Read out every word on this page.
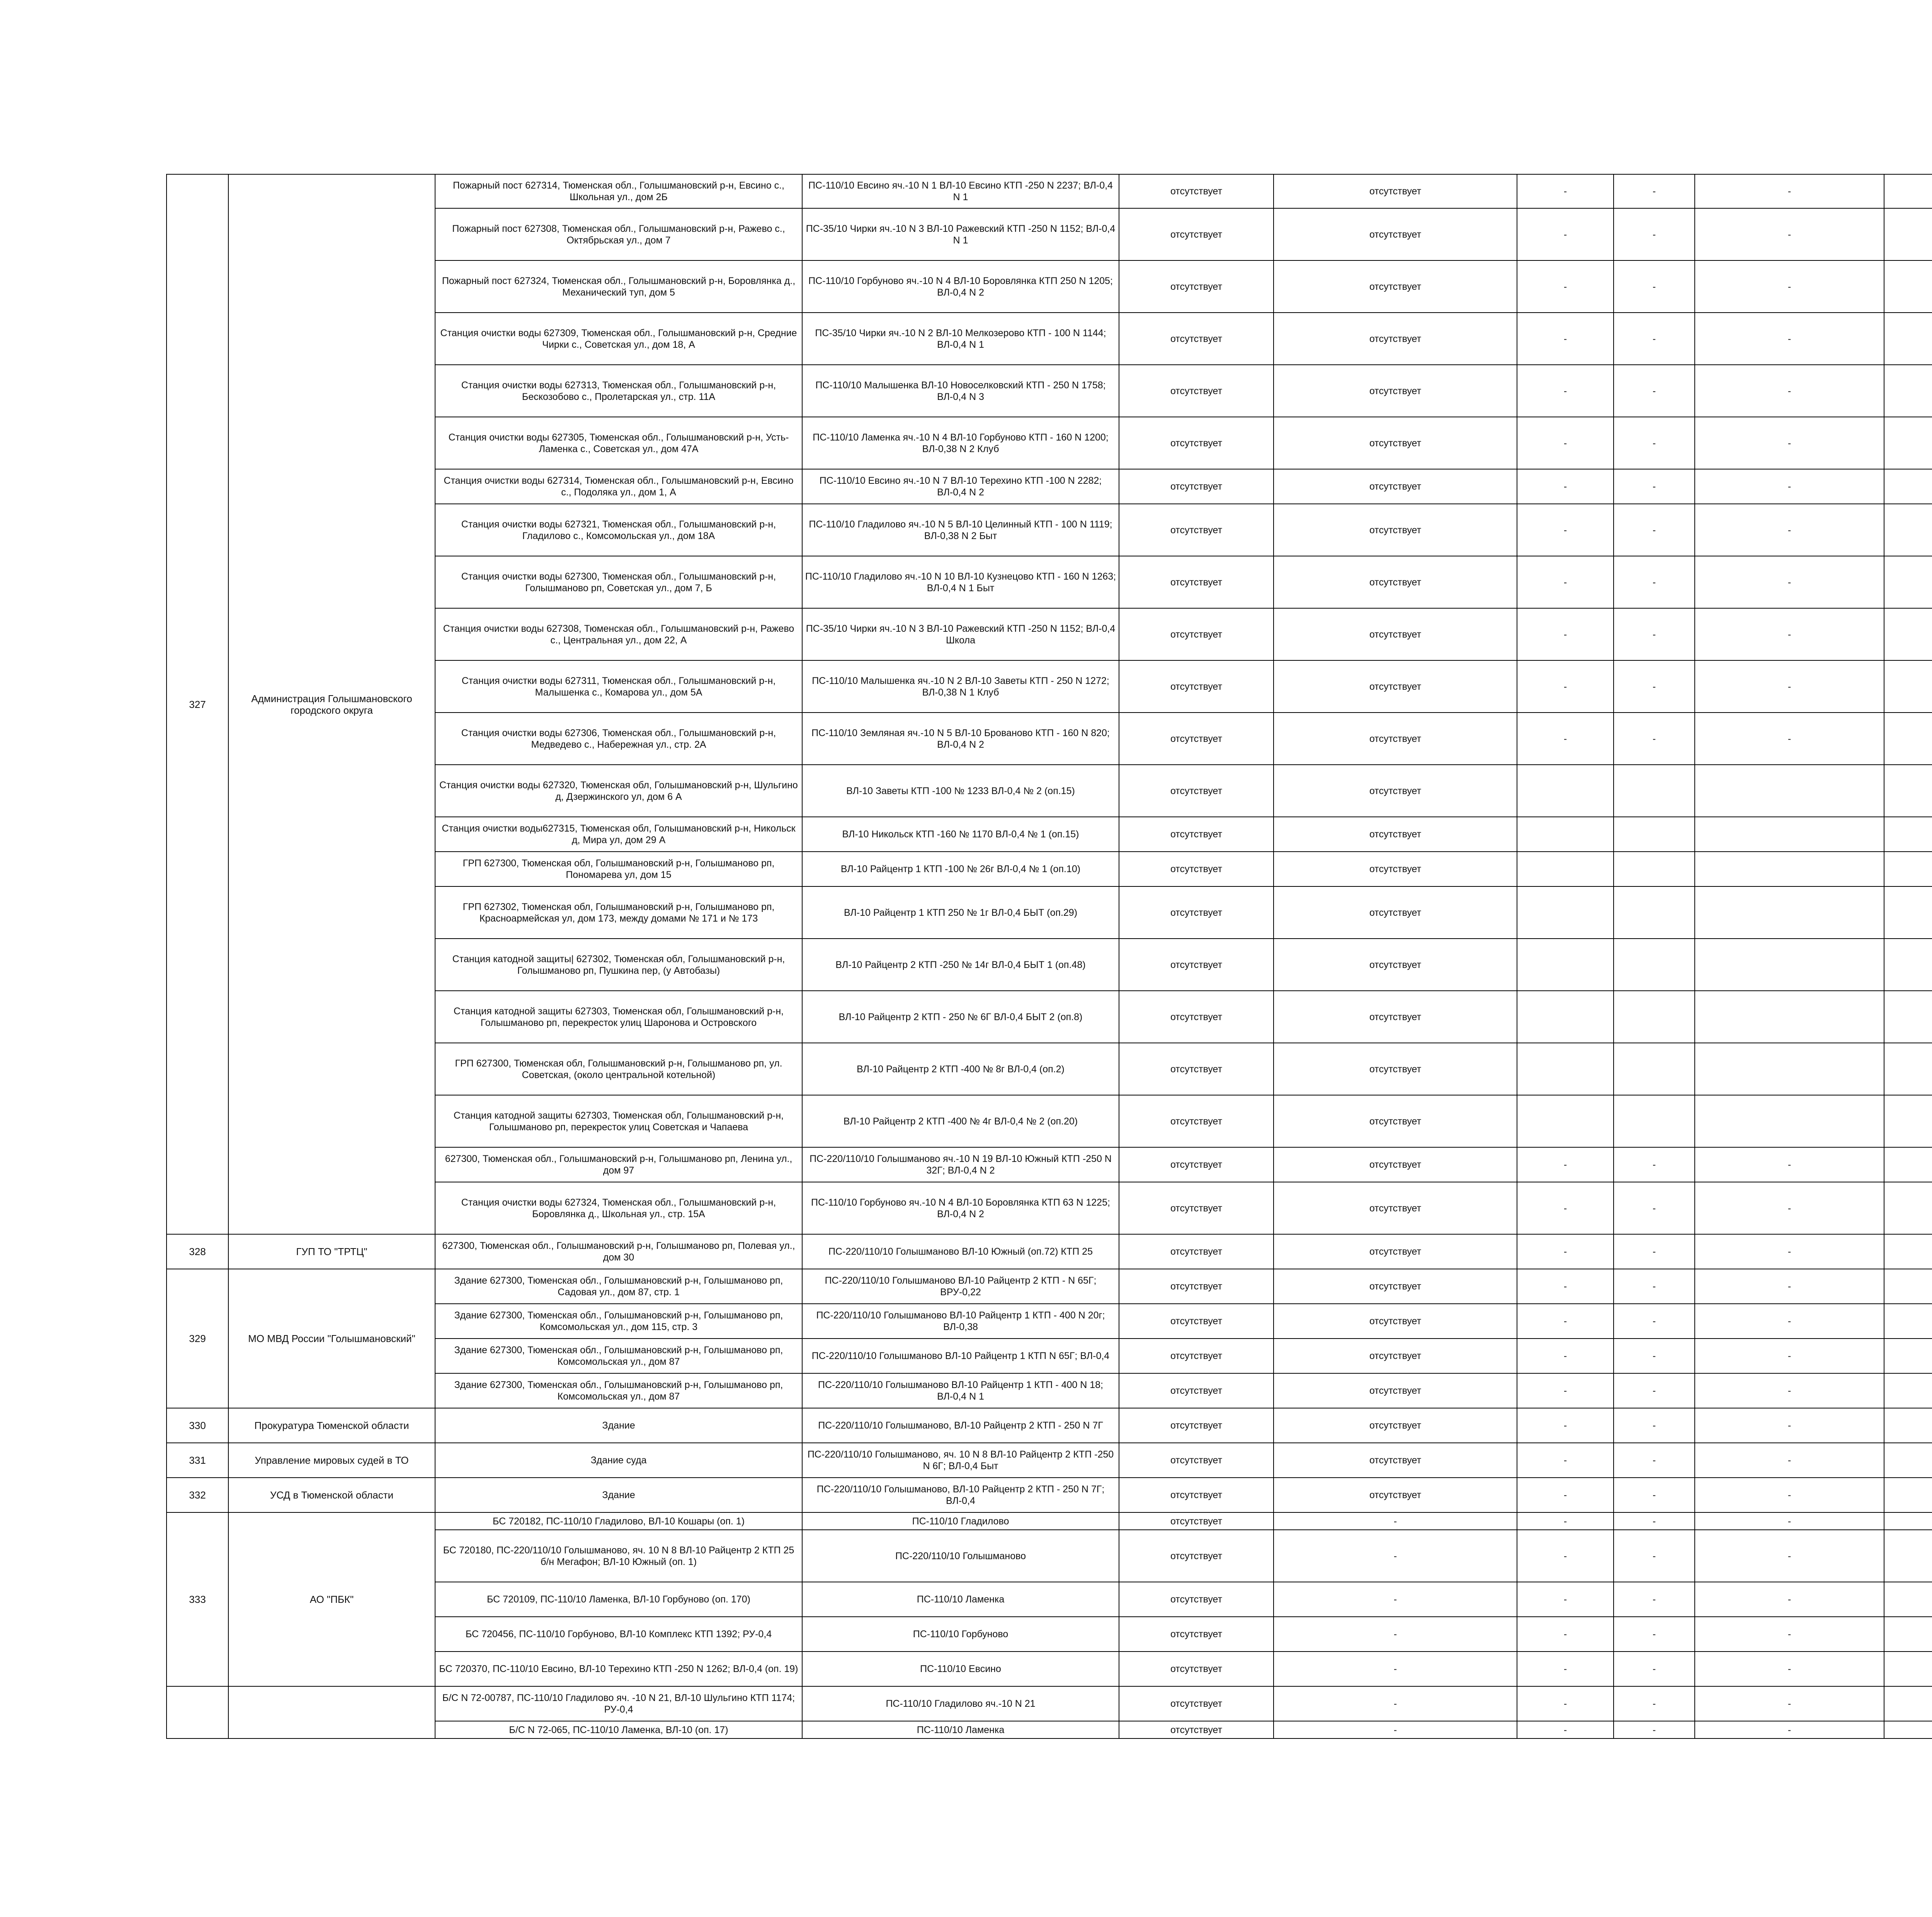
327	Администрация Голышмановского городского округа	Пожарный пост 627314, Тюменская обл., Голышмановский р-н, Евсино с., Школьная ул., дом 2Б	ПС-110/10 Евсино яч.-10 N 1 ВЛ-10 Евсино КТП -250 N 2237; ВЛ-0,4 N 1	отсутствует	отсутствует	-	-	-		
		Пожарный пост 627308, Тюменская обл., Голышмановский р-н, Ражево с., Октябрьская ул., дом 7	ПС-35/10 Чирки яч.-10 N 3 ВЛ-10 Ражевский КТП -250 N 1152; ВЛ-0,4 N 1	отсутствует	отсутствует	-	-	-		
		Пожарный пост 627324, Тюменская обл., Голышмановский р-н, Боровлянка д., Механический туп, дом 5	ПС-110/10 Горбуново яч.-10 N 4 ВЛ-10 Боровлянка КТП 250 N 1205; ВЛ-0,4 N 2	отсутствует	отсутствует	-	-	-		
		Станция очистки воды 627309, Тюменская обл., Голышмановский р-н, Средние Чирки с., Советская ул., дом 18, А	ПС-35/10 Чирки яч.-10 N 2 ВЛ-10 Мелкозерово КТП - 100 N 1144; ВЛ-0,4 N 1	отсутствует	отсутствует	-	-	-		
		Станция очистки воды 627313, Тюменская обл., Голышмановский р-н, Бескозобово с., Пролетарская ул., стр. 11А	ПС-110/10 Малышенка ВЛ-10 Новоселковский КТП - 250 N 1758; ВЛ-0,4 N 3	отсутствует	отсутствует	-	-	-		
		Станция очистки воды 627305, Тюменская обл., Голышмановский р-н, Усть-Ламенка с., Советская ул., дом 47А	ПС-110/10 Ламенка яч.-10 N 4 ВЛ-10 Горбуново КТП - 160 N 1200; ВЛ-0,38 N 2 Клуб	отсутствует	отсутствует	-	-	-		
		Станция очистки воды 627314, Тюменская обл., Голышмановский р-н, Евсино с., Подоляка ул., дом 1, А	ПС-110/10 Евсино яч.-10 N 7 ВЛ-10 Терехино КТП -100 N 2282; ВЛ-0,4 N 2	отсутствует	отсутствует	-	-	-		
		Станция очистки воды 627321, Тюменская обл., Голышмановский р-н, Гладилово с., Комсомольская ул., дом 18А	ПС-110/10 Гладилово яч.-10 N 5 ВЛ-10 Целинный КТП - 100 N 1119; ВЛ-0,38 N 2 Быт	отсутствует	отсутствует	-	-	-		
		Станция очистки воды 627300, Тюменская обл., Голышмановский р-н, Голышманово рп, Советская ул., дом 7, Б	ПС-110/10 Гладилово яч.-10 N 10 ВЛ-10 Кузнецово КТП - 160 N 1263; ВЛ-0,4 N 1 Быт	отсутствует	отсутствует	-	-	-		
		Станция очистки воды 627308, Тюменская обл., Голышмановский р-н, Ражево с., Центральная ул., дом 22, А	ПС-35/10 Чирки яч.-10 N 3 ВЛ-10 Ражевский КТП -250 N 1152; ВЛ-0,4 Школа	отсутствует	отсутствует	-	-	-		
		Станция очистки воды 627311, Тюменская обл., Голышмановский р-н, Малышенка с., Комарова ул., дом 5А	ПС-110/10 Малышенка яч.-10 N 2 ВЛ-10 Заветы КТП - 250 N 1272; ВЛ-0,38 N 1 Клуб	отсутствует	отсутствует	-	-	-		
		Станция очистки воды 627306, Тюменская обл., Голышмановский р-н, Медведево с., Набережная ул., стр. 2А	ПС-110/10 Земляная яч.-10 N 5 ВЛ-10 Брованово КТП - 160 N 820; ВЛ-0,4 N 2	отсутствует	отсутствует	-	-	-		
		Станция очистки воды 627320, Тюменская обл, Голышмановский р-н, Шульгино д, Дзержинского ул, дом 6 А	ВЛ-10 Заветы КТП -100 № 1233 ВЛ-0,4 № 2 (оп.15)	отсутствует	отсутствует					
		Станция очистки воды627315, Тюменская обл, Голышмановский р-н, Никольск д, Мира ул, дом 29 А	ВЛ-10 Никольск КТП -160 № 1170 ВЛ-0,4 № 1 (оп.15)	отсутствует	отсутствует					
		ГРП 627300, Тюменская обл, Голышмановский р-н, Голышманово рп, Пономарева ул, дом 15	ВЛ-10 Райцентр 1 КТП -100 № 26г ВЛ-0,4 № 1 (оп.10)	отсутствует	отсутствует					
		ГРП 627302, Тюменская обл, Голышмановский р-н, Голышманово рп, Красноармейская ул, дом 173, между домами № 171 и № 173	ВЛ-10 Райцентр 1 КТП 250 № 1г ВЛ-0,4 БЫТ (оп.29)	отсутствует	отсутствует					
		Станция катодной защиты| 627302, Тюменская обл, Голышмановский р-н, Голышманово рп, Пушкина пер, (у Автобазы)	ВЛ-10 Райцентр 2 КТП -250 № 14г ВЛ-0,4 БЫТ 1 (оп.48)	отсутствует	отсутствует					
		Станция катодной защиты 627303, Тюменская обл, Голышмановский р-н, Голышманово рп, перекресток улиц Шаронова и Островского	ВЛ-10 Райцентр 2 КТП - 250 № 6Г ВЛ-0,4 БЫТ 2 (оп.8)	отсутствует	отсутствует					
		ГРП 627300, Тюменская обл, Голышмановский р-н, Голышманово рп, ул. Советская, (около центральной котельной)	ВЛ-10 Райцентр 2 КТП -400 № 8г ВЛ-0,4 (оп.2)	отсутствует	отсутствует					
		Станция катодной защиты 627303, Тюменская обл, Голышмановский р-н, Голышманово рп, перекресток улиц Советская и Чапаева	ВЛ-10 Райцентр 2 КТП -400 № 4г ВЛ-0,4 № 2 (оп.20)	отсутствует	отсутствует					
		627300, Тюменская обл., Голышмановский р-н, Голышманово рп, Ленина ул., дом 97	ПС-220/110/10 Голышманово яч.-10 N 19 ВЛ-10 Южный КТП -250 N 32Г; ВЛ-0,4 N 2	отсутствует	отсутствует	-	-	-		
		Станция очистки воды 627324, Тюменская обл., Голышмановский р-н, Боровлянка д., Школьная ул., стр. 15А	ПС-110/10 Горбуново яч.-10 N 4 ВЛ-10 Боровлянка КТП 63 N 1225; ВЛ-0,4 N 2	отсутствует	отсутствует	-	-	-		
328	ГУП ТО "ТРТЦ"	627300, Тюменская обл., Голышмановский р-н, Голышманово рп, Полевая ул., дом 30	ПС-220/110/10 Голышманово ВЛ-10 Южный (оп.72) КТП 25	отсутствует	отсутствует	-	-	-		
329	МО МВД России "Голышмановский"	Здание 627300, Тюменская обл., Голышмановский р-н, Голышманово рп, Садовая ул., дом 87, стр. 1	ПС-220/110/10 Голышманово ВЛ-10 Райцентр 2 КТП - N 65Г; ВРУ-0,22	отсутствует	отсутствует	-	-	-		
		Здание 627300, Тюменская обл., Голышмановский р-н, Голышманово рп, Комсомольская ул., дом 115, стр. 3	ПС-220/110/10 Голышманово ВЛ-10 Райцентр 1 КТП - 400 N 20г; ВЛ-0,38	отсутствует	отсутствует	-	-	-		
		Здание 627300, Тюменская обл., Голышмановский р-н, Голышманово рп, Комсомольская ул., дом 87	ПС-220/110/10 Голышманово ВЛ-10 Райцентр 1 КТП N 65Г; ВЛ-0,4	отсутствует	отсутствует	-	-	-		
		Здание 627300, Тюменская обл., Голышмановский р-н, Голышманово рп, Комсомольская ул., дом 87	ПС-220/110/10 Голышманово ВЛ-10 Райцентр 1 КТП - 400 N 18; ВЛ-0,4 N 1	отсутствует	отсутствует	-	-	-		
330	Прокуратура Тюменской области	Здание	ПС-220/110/10 Голышманово, ВЛ-10 Райцентр 2 КТП - 250 N 7Г	отсутствует	отсутствует	-	-	-		
331	Управление мировых судей в ТО	Здание суда	ПС-220/110/10 Голышманово, яч. 10 N 8 ВЛ-10 Райцентр 2 КТП -250 N 6Г; ВЛ-0,4 Быт	отсутствует	отсутствует	-	-	-		
332	УСД в Тюменской области	Здание	ПС-220/110/10 Голышманово, ВЛ-10 Райцентр 2 КТП - 250 N 7Г; ВЛ-0,4	отсутствует	отсутствует	-	-	-		
333	АО "ПБК"	БС 720182, ПС-110/10 Гладилово, ВЛ-10 Кошары (оп. 1)	ПС-110/10 Гладилово	отсутствует	-	-	-	-		
		БС 720180, ПС-220/110/10 Голышманово, яч. 10 N 8 ВЛ-10 Райцентр 2 КТП 25 б/н Мегафон; ВЛ-10 Южный (оп. 1)	ПС-220/110/10 Голышманово	отсутствует	-	-	-	-		
		БС 720109, ПС-110/10 Ламенка, ВЛ-10 Горбуново (оп. 170)	ПС-110/10 Ламенка	отсутствует	-	-	-	-		
		БС 720456, ПС-110/10 Горбуново, ВЛ-10 Комплекс КТП 1392; РУ-0,4	ПС-110/10 Горбуново	отсутствует	-	-	-	-		
		БС 720370, ПС-110/10 Евсино, ВЛ-10 Терехино КТП -250 N 1262; ВЛ-0,4 (оп. 19)	ПС-110/10 Евсино	отсутствует	-	-	-	-		
		Б/С N 72-00787, ПС-110/10 Гладилово яч. -10 N 21, ВЛ-10 Шульгино КТП 1174; РУ-0,4	ПС-110/10 Гладилово яч.-10 N 21	отсутствует	-	-	-	-		
		Б/С N 72-065, ПС-110/10 Ламенка, ВЛ-10 (оп. 17)	ПС-110/10 Ламенка	отсутствует	-	-	-	-		
